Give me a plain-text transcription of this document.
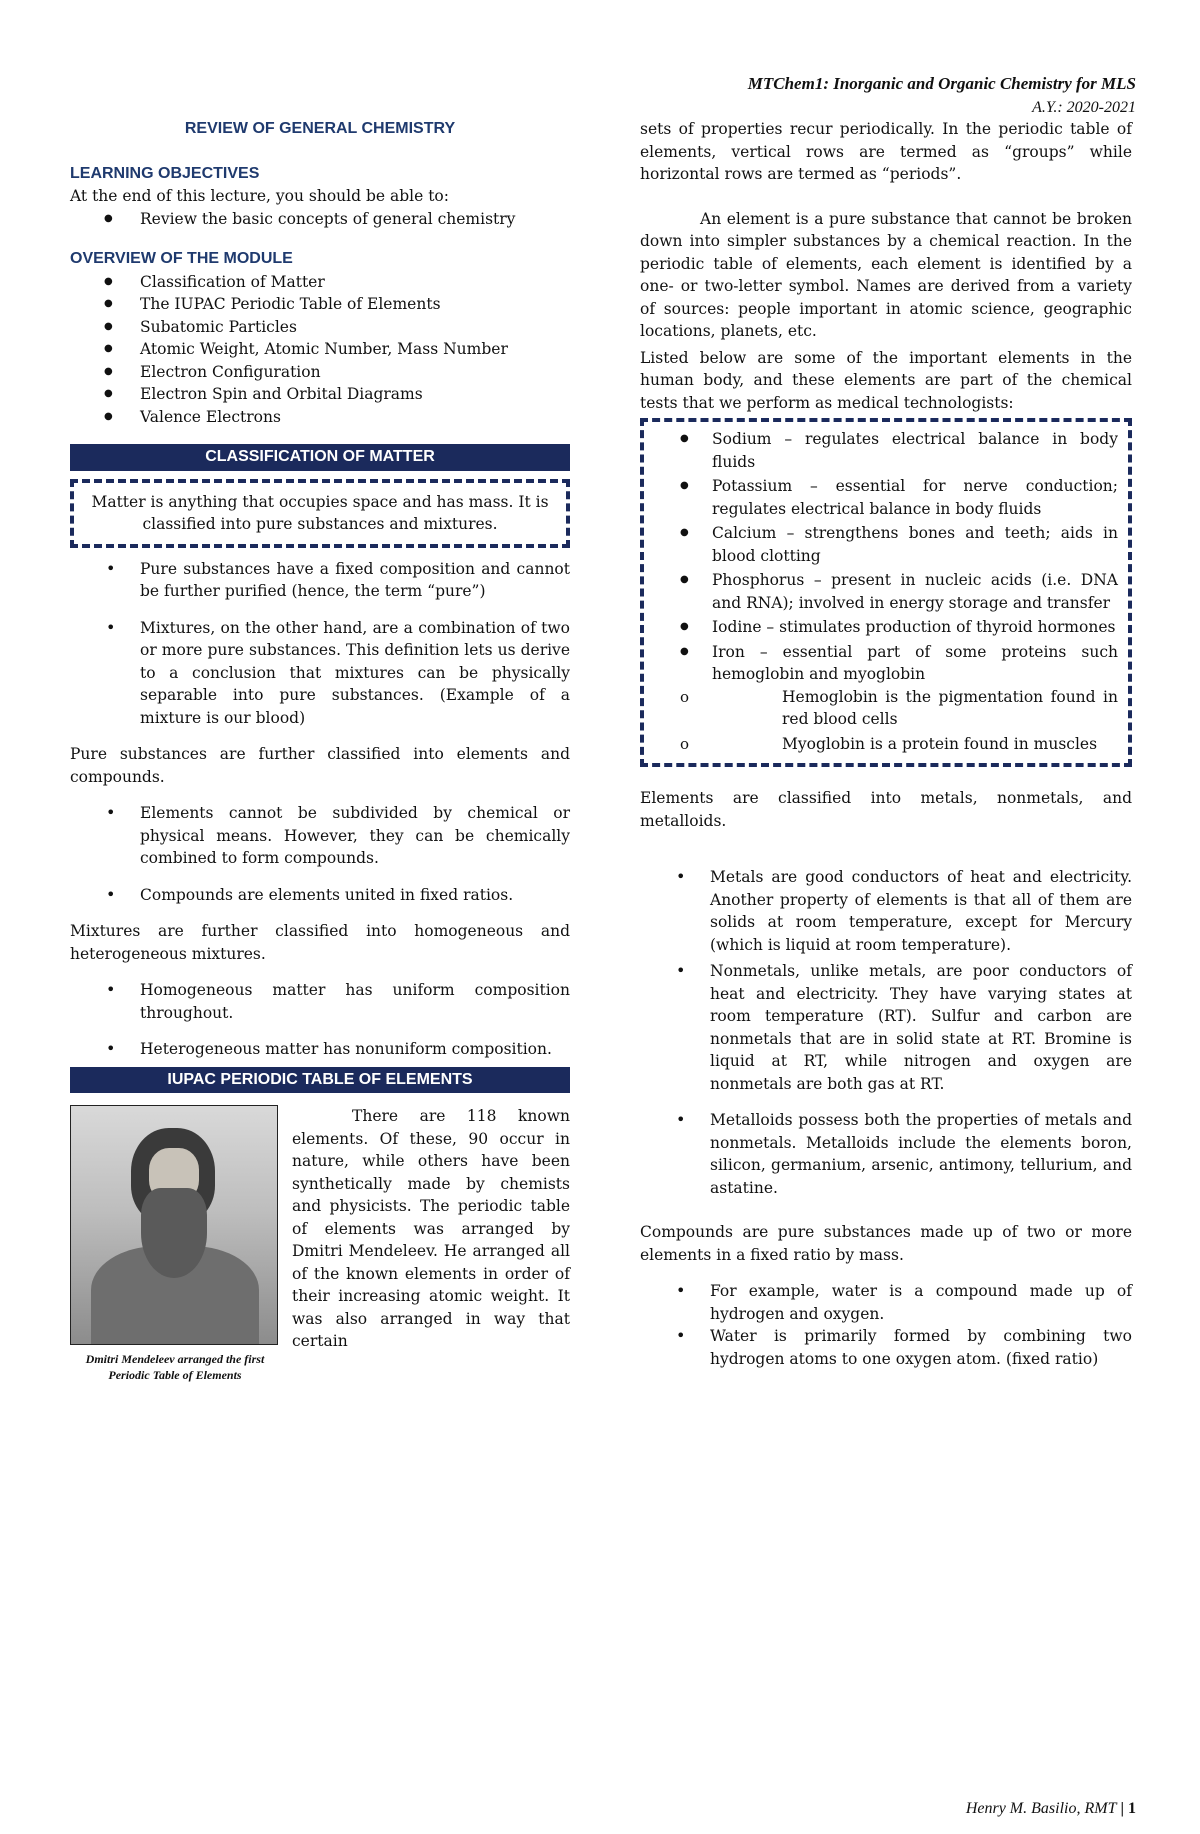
MTChem1: Inorganic and Organic Chemistry for MLS
A.Y.: 2020-2021
REVIEW OF GENERAL CHEMISTRY
LEARNING OBJECTIVES

At the end of this lecture, you should be able to:

● Review the basic concepts of general chemistry
OVERVIEW OF THE MODULE
● Classification of Matter
● The IUPAC Periodic Table of Elements
● Subatomic Particles
● Atomic Weight, Atomic Number, Mass Number
● Electron Configuration
● Electron Spin and Orbital Diagrams
● Valence Electrons
CLASSIFICATION OF MATTER
Matter is anything that occupies space and has mass. It is classified into pure substances and mixtures.
• Pure substances have a fixed composition and cannot be further purified (hence, the term “pure”)
• Mixtures, on the other hand, are a combination of two or more pure substances. This definition lets us derive to a conclusion that mixtures can be physically separable into pure substances. (Example of a mixture is our blood)

Pure substances are further classified into elements and compounds.

• Elements cannot be subdivided by chemical or physical means. However, they can be chemically combined to form compounds.
• Compounds are elements united in fixed ratios.

Mixtures are further classified into homogeneous and heterogeneous mixtures.

• Homogeneous matter has uniform composition throughout.
• Heterogeneous matter has nonuniform composition.
IUPAC PERIODIC TABLE OF ELEMENTS
Dmitri Mendeleev arranged the first Periodic Table of Elements

There are 118 known elements. Of these, 90 occur in nature, while others have been synthetically made by chemists and physicists. The periodic table of elements was arranged by Dmitri Mendeleev. He arranged all of the known elements in order of their increasing atomic weight. It was also arranged in way that certain

sets of properties recur periodically. In the periodic table of elements, vertical rows are termed as “groups” while horizontal rows are termed as “periods”.

An element is a pure substance that cannot be broken down into simpler substances by a chemical reaction. In the periodic table of elements, each element is identified by a one- or two-letter symbol. Names are derived from a variety of sources: people important in atomic science, geographic locations, planets, etc.

Listed below are some of the important elements in the human body, and these elements are part of the chemical tests that we perform as medical technologists:

● Sodium – regulates electrical balance in body fluids
● Potassium – essential for nerve conduction; regulates electrical balance in body fluids
● Calcium – strengthens bones and teeth; aids in blood clotting
● Phosphorus – present in nucleic acids (i.e. DNA and RNA); involved in energy storage and transfer
● Iodine – stimulates production of thyroid hormones
● Iron – essential part of some proteins such hemoglobin and myoglobin
o Hemoglobin is the pigmentation found in red blood cells
o Myoglobin is a protein found in muscles

Elements are classified into metals, nonmetals, and metalloids.

• Metals are good conductors of heat and electricity. Another property of elements is that all of them are solids at room temperature, except for Mercury (which is liquid at room temperature).
• Nonmetals, unlike metals, are poor conductors of heat and electricity. They have varying states at room temperature (RT). Sulfur and carbon are nonmetals that are in solid state at RT. Bromine is liquid at RT, while nitrogen and oxygen are nonmetals are both gas at RT.
• Metalloids possess both the properties of metals and nonmetals. Metalloids include the elements boron, silicon, germanium, arsenic, antimony, tellurium, and astatine.

Compounds are pure substances made up of two or more elements in a fixed ratio by mass.

• For example, water is a compound made up of hydrogen and oxygen.
• Water is primarily formed by combining two hydrogen atoms to one oxygen atom. (fixed ratio)
Henry M. Basilio, RMT | 1
